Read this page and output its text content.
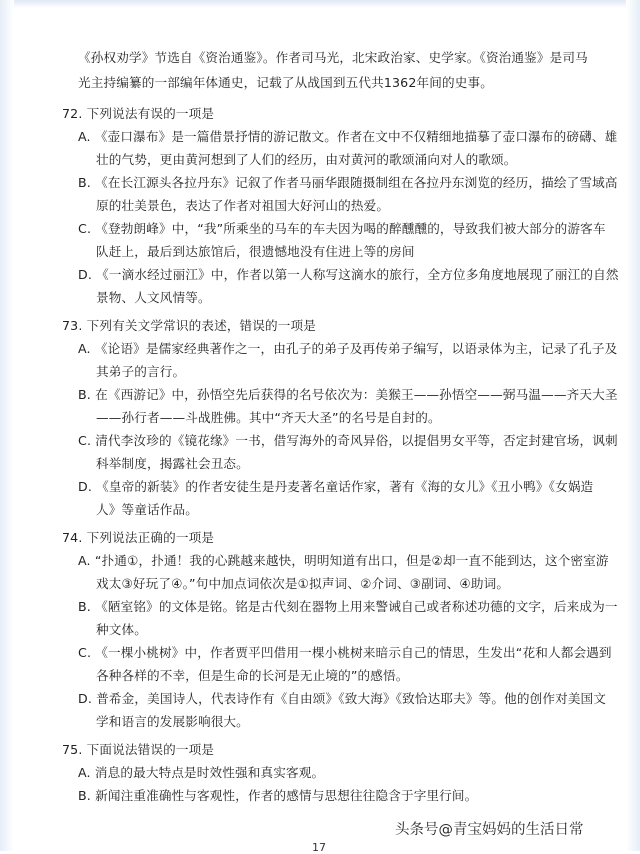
《孙权劝学》节选自《资治通鉴》。作者司马光，北宋政治家、史学家。《资治通鉴》是司马
光主持编纂的一部编年体通史，记载了从战国到五代共1362年间的史事。
72. 下列说法有误的一项是
A. 《壶口瀑布》是一篇借景抒情的游记散文。作者在文中不仅精细地描摹了壶口瀑布的磅礴、雄
壮的气势，更由黄河想到了人们的经历，由对黄河的歌颂涌向对人的歌颂。
B. 《在长江源头各拉丹东》记叙了作者马丽华跟随摄制组在各拉丹东浏览的经历，描绘了雪域高
原的壮美景色，表达了作者对祖国大好河山的热爱。
C. 《登勃朗峰》中，“我”所乘坐的马车的车夫因为喝的醉醺醺的，导致我们被大部分的游客车
队赶上，最后到达旅馆后，很遗憾地没有住进上等的房间
D. 《一滴水经过丽江》中，作者以第一人称写这滴水的旅行，全方位多角度地展现了丽江的自然
景物、人文风情等。
73. 下列有关文学常识的表述，错误的一项是
A. 《论语》是儒家经典著作之一，由孔子的弟子及再传弟子编写，以语录体为主，记录了孔子及
其弟子的言行。
B. 在《西游记》中，孙悟空先后获得的名号依次为：美猴王——孙悟空——弼马温——齐天大圣
——孙行者——斗战胜佛。其中“齐天大圣”的名号是自封的。
C. 清代李汝珍的《镜花缘》一书，借写海外的奇风异俗，以提倡男女平等，否定封建官场，讽刺
科举制度，揭露社会丑态。
D. 《皇帝的新装》的作者安徒生是丹麦著名童话作家，著有《海的女儿》《丑小鸭》《女娲造
人》等童话作品。
74. 下列说法正确的一项是
A. “扑通①，扑通！我的心跳越来越快，明明知道有出口，但是②却一直不能到达，这个密室游
戏太③好玩了④。”句中加点词依次是①拟声词、②介词、③副词、④助词。
B. 《陋室铭》的文体是铭。铭是古代刻在器物上用来警诫自己或者称述功德的文字，后来成为一
种文体。
C. 《一棵小桃树》中，作者贾平凹借用一棵小桃树来暗示自己的情思，生发出“花和人都会遇到
各种各样的不幸，但是生命的长河是无止境的”的感悟。
D. 普希金，美国诗人，代表诗作有《自由颂》《致大海》《致恰达耶夫》等。他的创作对美国文
学和语言的发展影响很大。
75. 下面说法错误的一项是
A. 消息的最大特点是时效性强和真实客观。
B. 新闻注重准确性与客观性，作者的感情与思想往往隐含于字里行间。
头条号@青宝妈妈的生活日常
17
